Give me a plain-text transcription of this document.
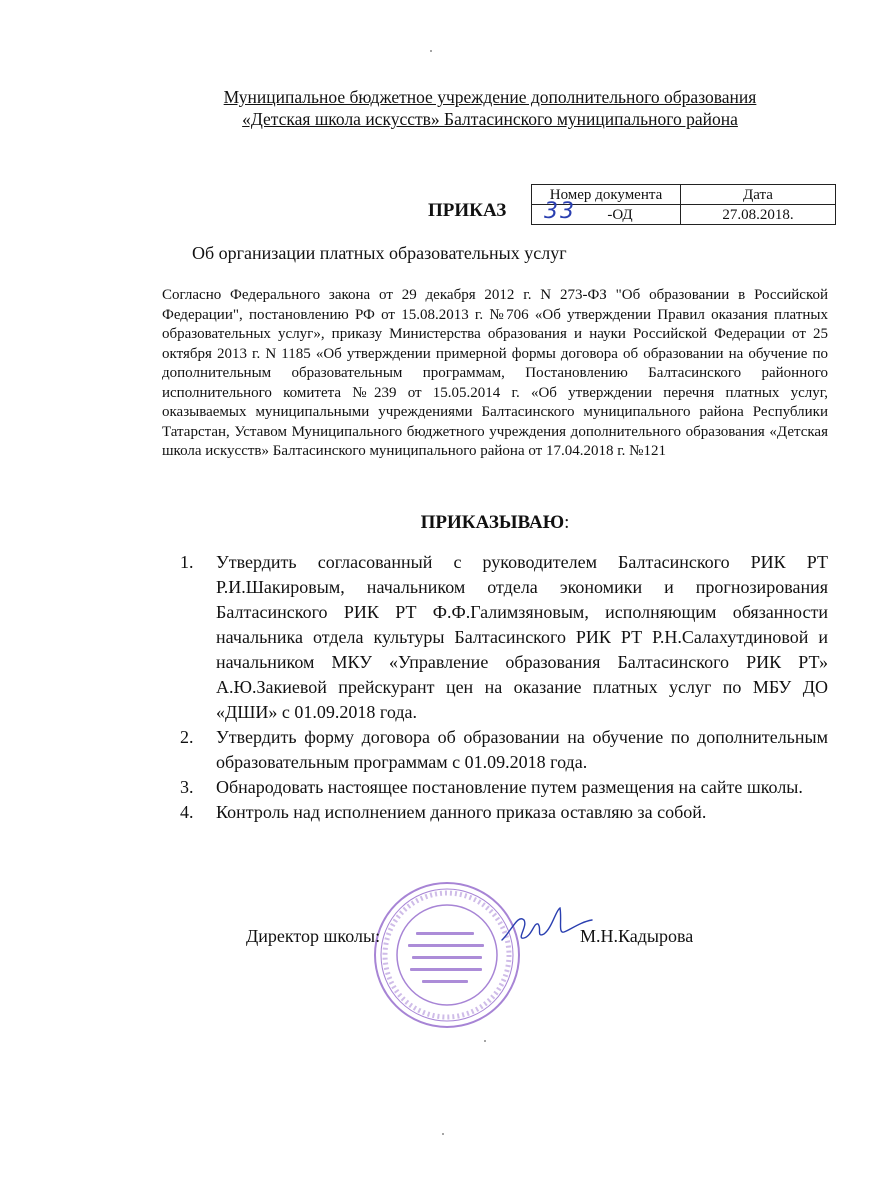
Муниципальное бюджетное учреждение дополнительного образования
«Детская школа искусств» Балтасинского муниципального района
ПРИКАЗ
Номер документа	Дата

33 -ОД	27.08.2018.
Об организации платных образовательных услуг
Согласно Федерального закона от 29 декабря 2012 г. N 273-ФЗ "Об образовании в Российской Федерации", постановлению РФ от 15.08.2013 г. №706 «Об утверждении Правил оказания платных образовательных услуг», приказу Министерства образования и науки Российской Федерации от 25 октября 2013 г. N 1185 «Об утверждении примерной формы договора об образовании на обучение по дополнительным образовательным программам, Постановлению Балтасинского районного исполнительного комитета №239 от 15.05.2014 г. «Об утверждении перечня платных услуг, оказываемых муниципальными учреждениями Балтасинского муниципального района Республики Татарстан, Уставом Муниципального бюджетного учреждения дополнительного образования «Детская школа искусств» Балтасинского муниципального района от 17.04.2018 г. №121
ПРИКАЗЫВАЮ:
1. Утвердить согласованный с руководителем Балтасинского РИК РТ Р.И.Шакировым, начальником отдела экономики и прогнозирования Балтасинского РИК РТ Ф.Ф.Галимзяновым, исполняющим обязанности начальника отдела культуры Балтасинского РИК РТ Р.Н.Салахутдиновой и начальником МКУ «Управление образования Балтасинского РИК РТ» А.Ю.Закиевой прейскурант цен на оказание платных услуг по МБУ ДО «ДШИ» с 01.09.2018 года.
2. Утвердить форму договора об образовании на обучение по дополнительным образовательным программам с 01.09.2018 года.
3. Обнародовать настоящее постановление путем размещения на сайте школы.
4. Контроль над исполнением данного приказа оставляю за собой.
Директор школы:	М.Н.Кадырова
